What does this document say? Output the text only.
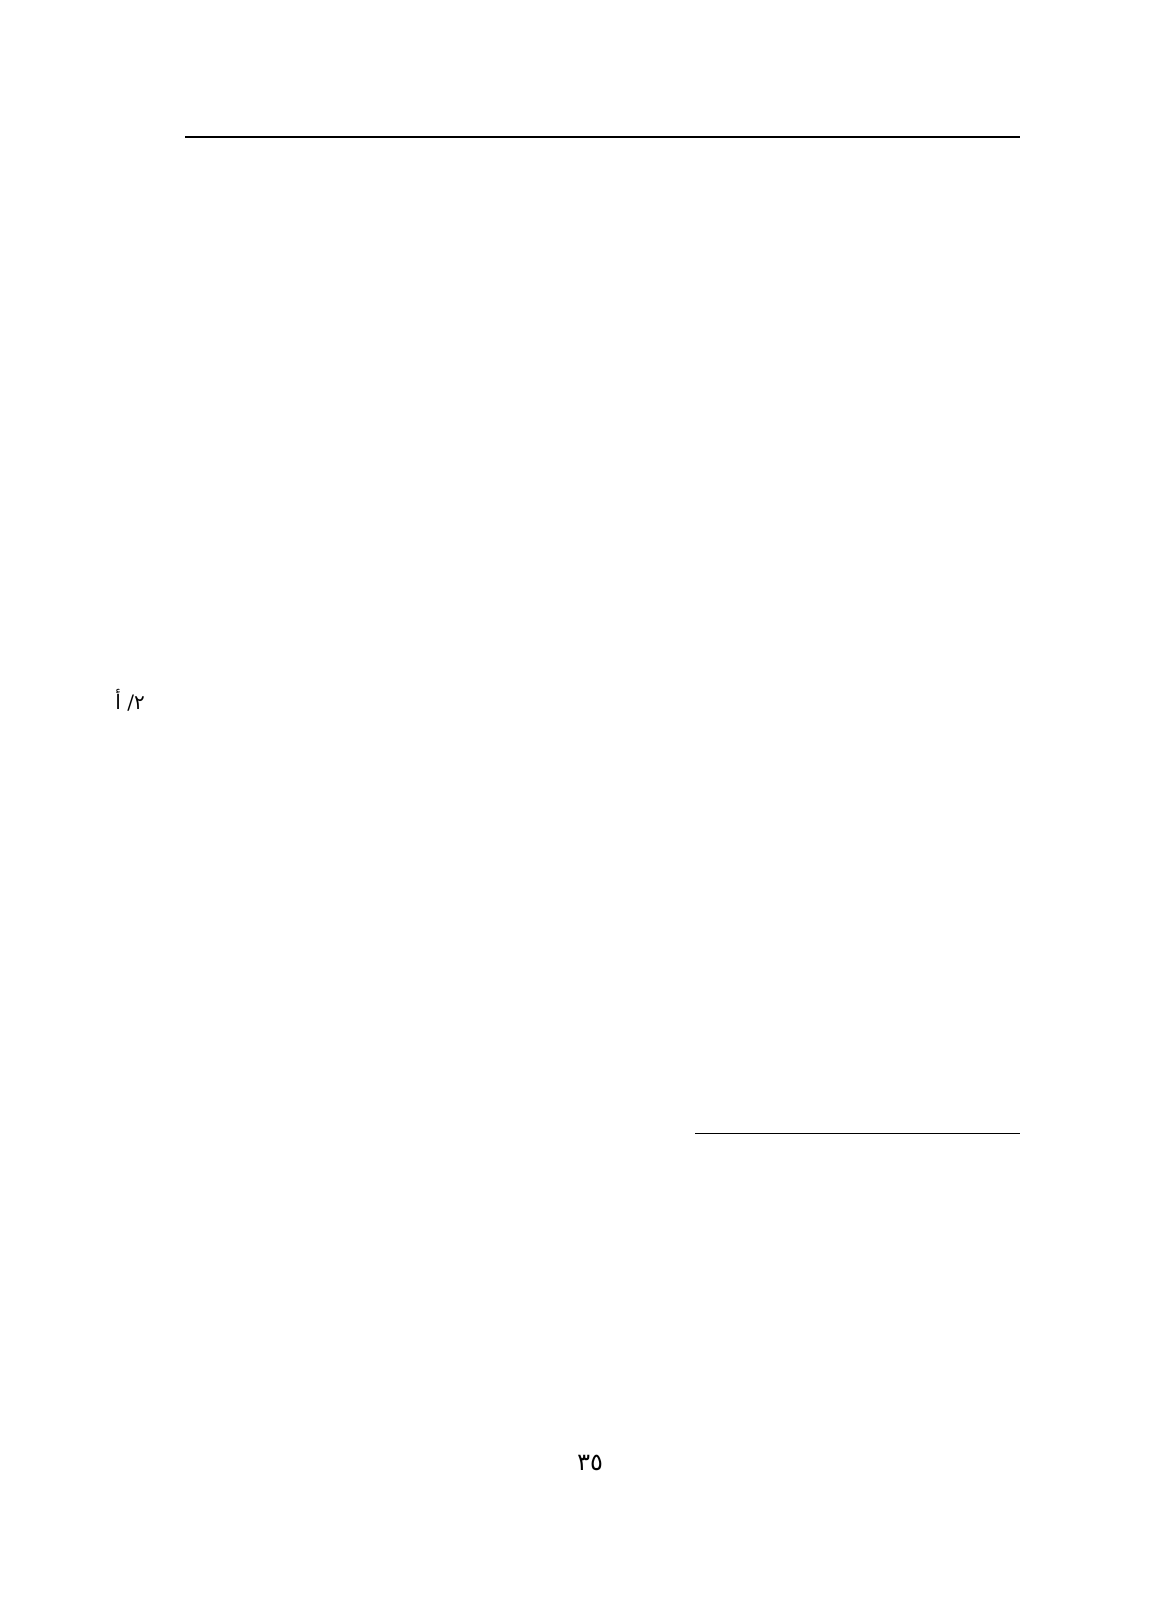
٢/ أ
٣٥
